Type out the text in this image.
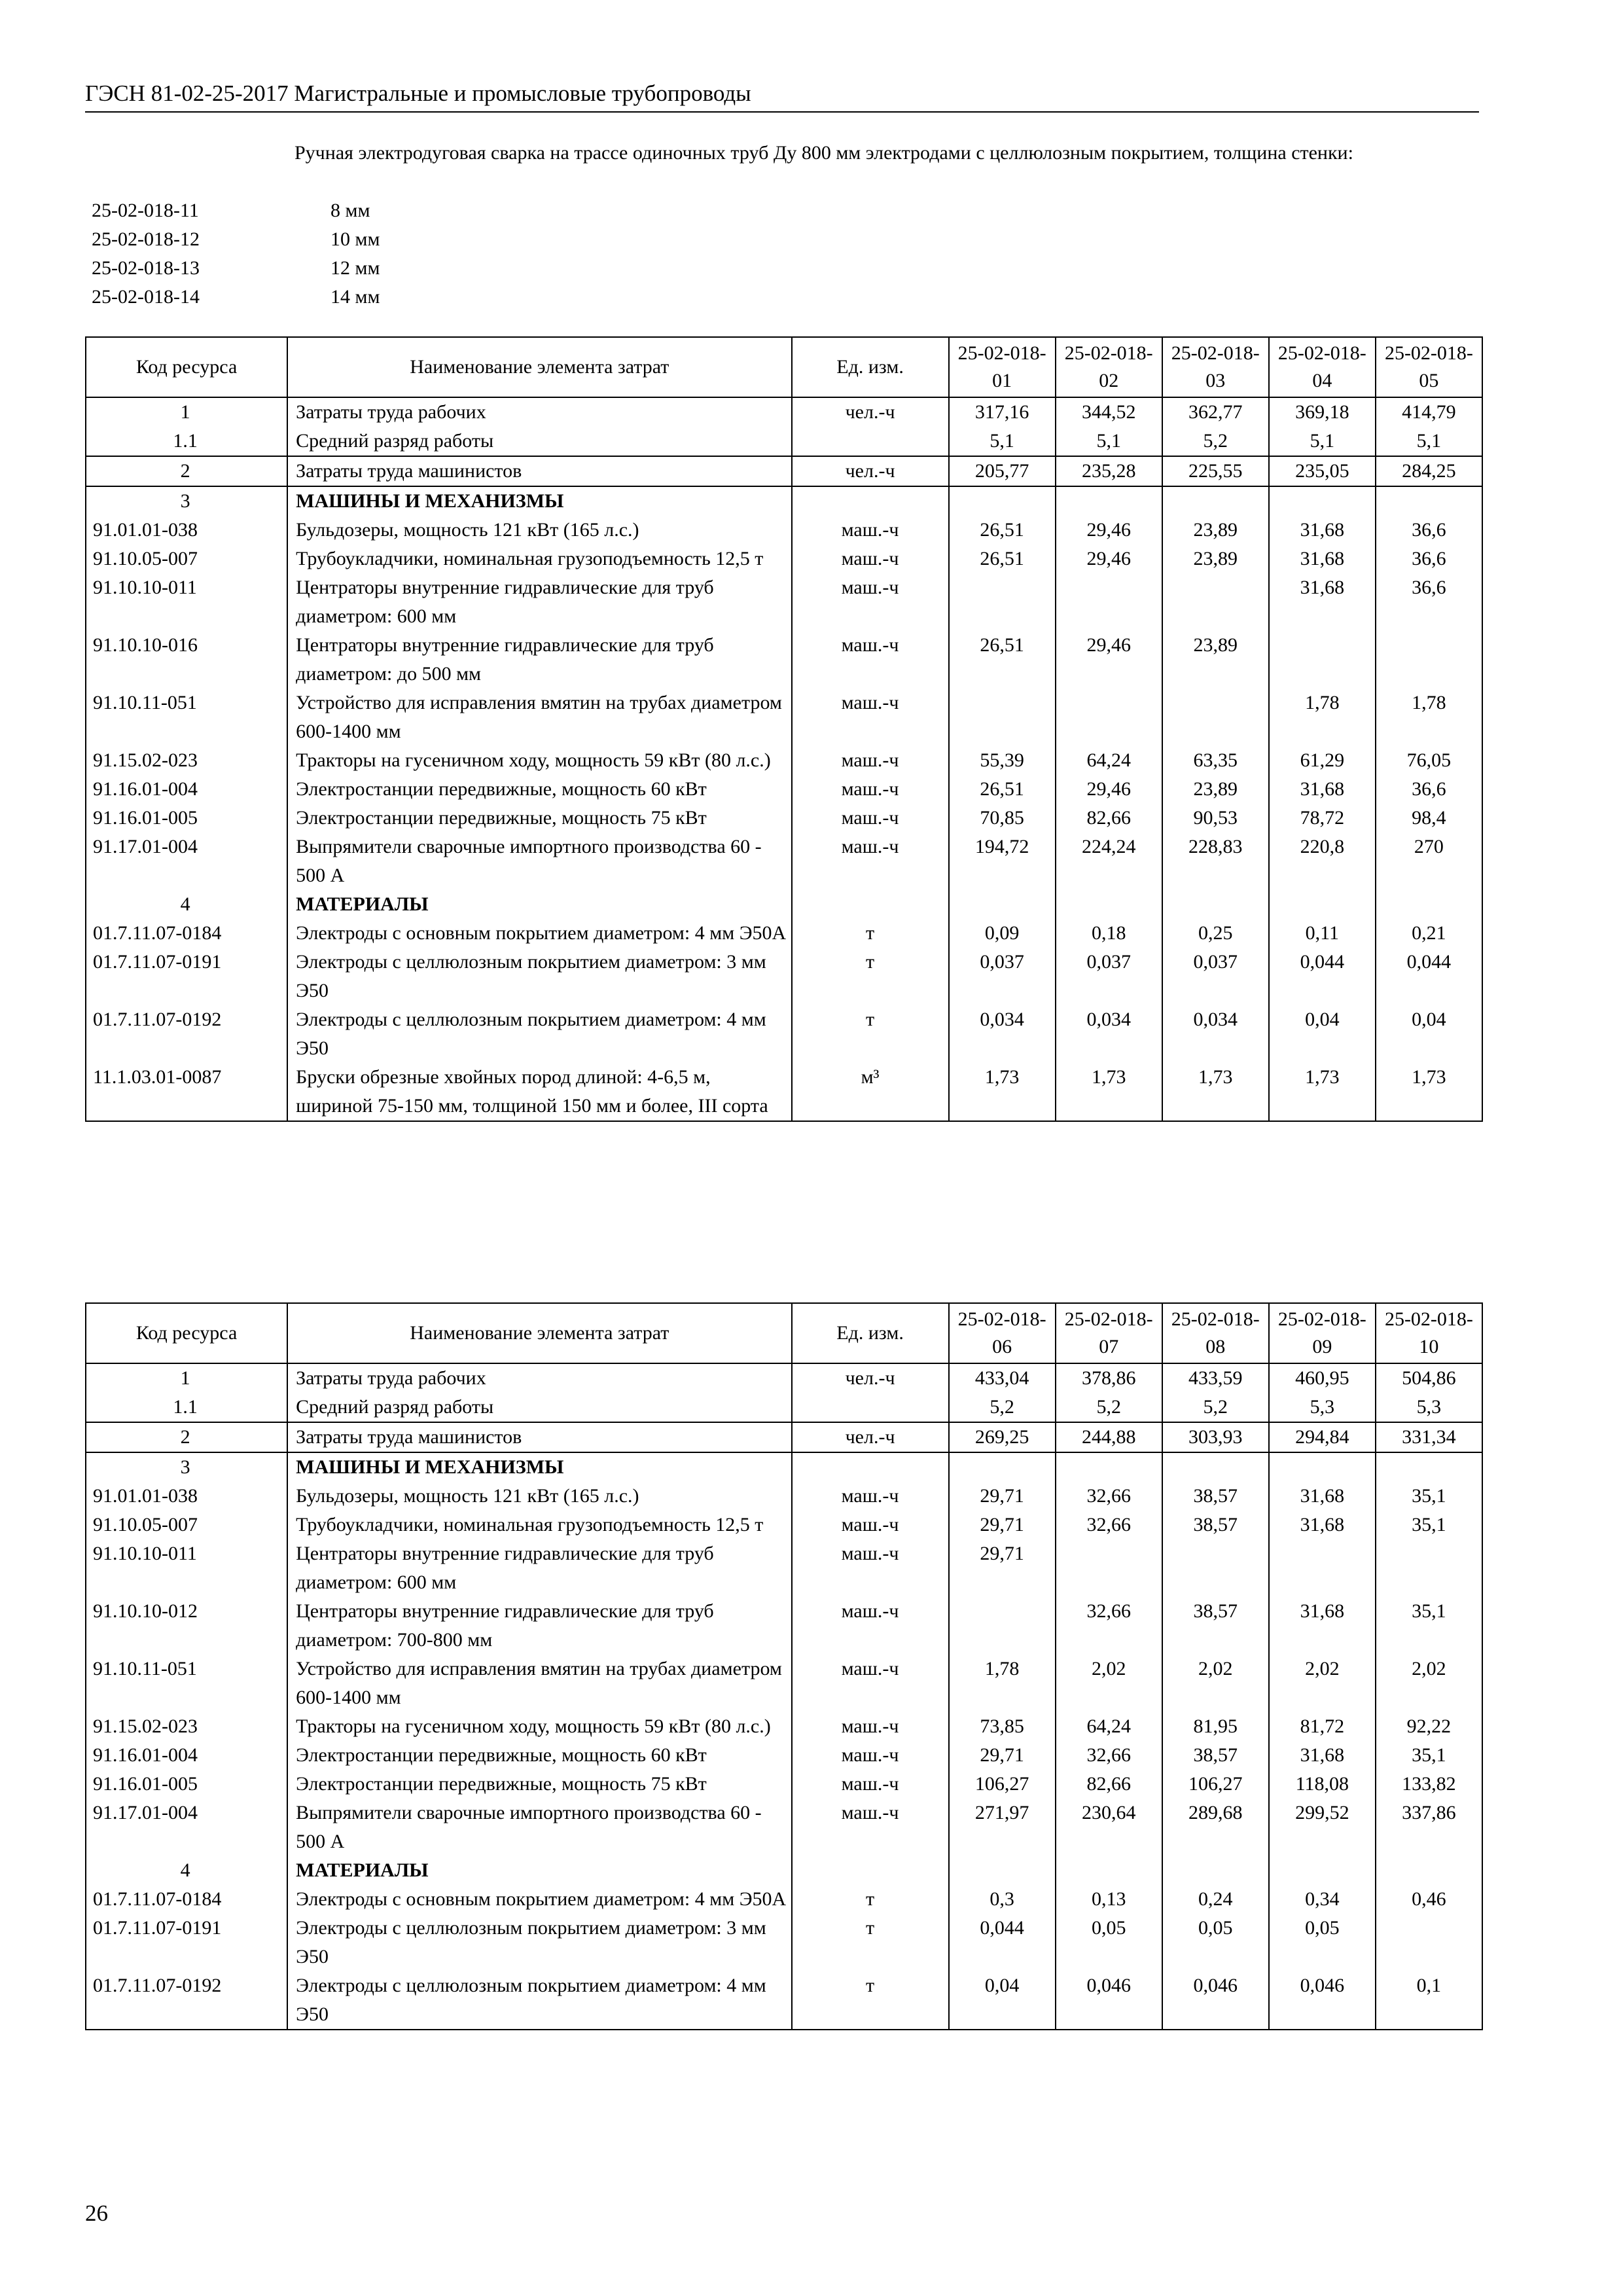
ГЭСН 81-02-25-2017 Магистральные и промысловые трубопроводы
Ручная электродуговая сварка на трассе одиночных труб Ду 800 мм электродами с целлюлозным покрытием, толщина стенки:
25-02-018-11	8 мм
25-02-018-12	10 мм
25-02-018-13	12 мм
25-02-018-14	14 мм
Код ресурса	Наименование элемента затрат	Ед. изм.	25-02-018-01	25-02-018-02	25-02-018-03	25-02-018-04	25-02-018-05
1	Затраты труда рабочих	чел.-ч	317,16	344,52	362,77	369,18	414,79
1.1	Средний разряд работы		5,1	5,1	5,2	5,1	5,1
2	Затраты труда машинистов	чел.-ч	205,77	235,28	225,55	235,05	284,25
3	МАШИНЫ И МЕХАНИЗМЫ						
91.01.01-038	Бульдозеры, мощность 121 кВт (165 л.с.)	маш.-ч	26,51	29,46	23,89	31,68	36,6
91.10.05-007	Трубоукладчики, номинальная грузоподъемность 12,5 т	маш.-ч	26,51	29,46	23,89	31,68	36,6
91.10.10-011	Центраторы внутренние гидравлические для труб диаметром: 600 мм	маш.-ч				31,68	36,6
91.10.10-016	Центраторы внутренние гидравлические для труб диаметром: до 500 мм	маш.-ч	26,51	29,46	23,89		
91.10.11-051	Устройство для исправления вмятин на трубах диаметром 600-1400 мм	маш.-ч				1,78	1,78
91.15.02-023	Тракторы на гусеничном ходу, мощность 59 кВт (80 л.с.)	маш.-ч	55,39	64,24	63,35	61,29	76,05
91.16.01-004	Электростанции передвижные, мощность 60 кВт	маш.-ч	26,51	29,46	23,89	31,68	36,6
91.16.01-005	Электростанции передвижные, мощность 75 кВт	маш.-ч	70,85	82,66	90,53	78,72	98,4
91.17.01-004	Выпрямители сварочные импортного производства 60 - 500 А	маш.-ч	194,72	224,24	228,83	220,8	270
4	МАТЕРИАЛЫ						
01.7.11.07-0184	Электроды с основным покрытием диаметром: 4 мм Э50А	т	0,09	0,18	0,25	0,11	0,21
01.7.11.07-0191	Электроды с целлюлозным покрытием диаметром: 3 мм Э50	т	0,037	0,037	0,037	0,044	0,044
01.7.11.07-0192	Электроды с целлюлозным покрытием диаметром: 4 мм Э50	т	0,034	0,034	0,034	0,04	0,04
11.1.03.01-0087	Бруски обрезные хвойных пород длиной: 4-6,5 м, шириной 75-150 мм, толщиной 150 мм и более, III сорта	м³	1,73	1,73	1,73	1,73	1,73
Код ресурса	Наименование элемента затрат	Ед. изм.	25-02-018-06	25-02-018-07	25-02-018-08	25-02-018-09	25-02-018-10
1	Затраты труда рабочих	чел.-ч	433,04	378,86	433,59	460,95	504,86
1.1	Средний разряд работы		5,2	5,2	5,2	5,3	5,3
2	Затраты труда машинистов	чел.-ч	269,25	244,88	303,93	294,84	331,34
3	МАШИНЫ И МЕХАНИЗМЫ						
91.01.01-038	Бульдозеры, мощность 121 кВт (165 л.с.)	маш.-ч	29,71	32,66	38,57	31,68	35,1
91.10.05-007	Трубоукладчики, номинальная грузоподъемность 12,5 т	маш.-ч	29,71	32,66	38,57	31,68	35,1
91.10.10-011	Центраторы внутренние гидравлические для труб диаметром: 600 мм	маш.-ч	29,71				
91.10.10-012	Центраторы внутренние гидравлические для труб диаметром: 700-800 мм	маш.-ч		32,66	38,57	31,68	35,1
91.10.11-051	Устройство для исправления вмятин на трубах диаметром 600-1400 мм	маш.-ч	1,78	2,02	2,02	2,02	2,02
91.15.02-023	Тракторы на гусеничном ходу, мощность 59 кВт (80 л.с.)	маш.-ч	73,85	64,24	81,95	81,72	92,22
91.16.01-004	Электростанции передвижные, мощность 60 кВт	маш.-ч	29,71	32,66	38,57	31,68	35,1
91.16.01-005	Электростанции передвижные, мощность 75 кВт	маш.-ч	106,27	82,66	106,27	118,08	133,82
91.17.01-004	Выпрямители сварочные импортного производства 60 - 500 А	маш.-ч	271,97	230,64	289,68	299,52	337,86
4	МАТЕРИАЛЫ						
01.7.11.07-0184	Электроды с основным покрытием диаметром: 4 мм Э50А	т	0,3	0,13	0,24	0,34	0,46
01.7.11.07-0191	Электроды с целлюлозным покрытием диаметром: 3 мм Э50	т	0,044	0,05	0,05	0,05	
01.7.11.07-0192	Электроды с целлюлозным покрытием диаметром: 4 мм Э50	т	0,04	0,046	0,046	0,046	0,1
26
